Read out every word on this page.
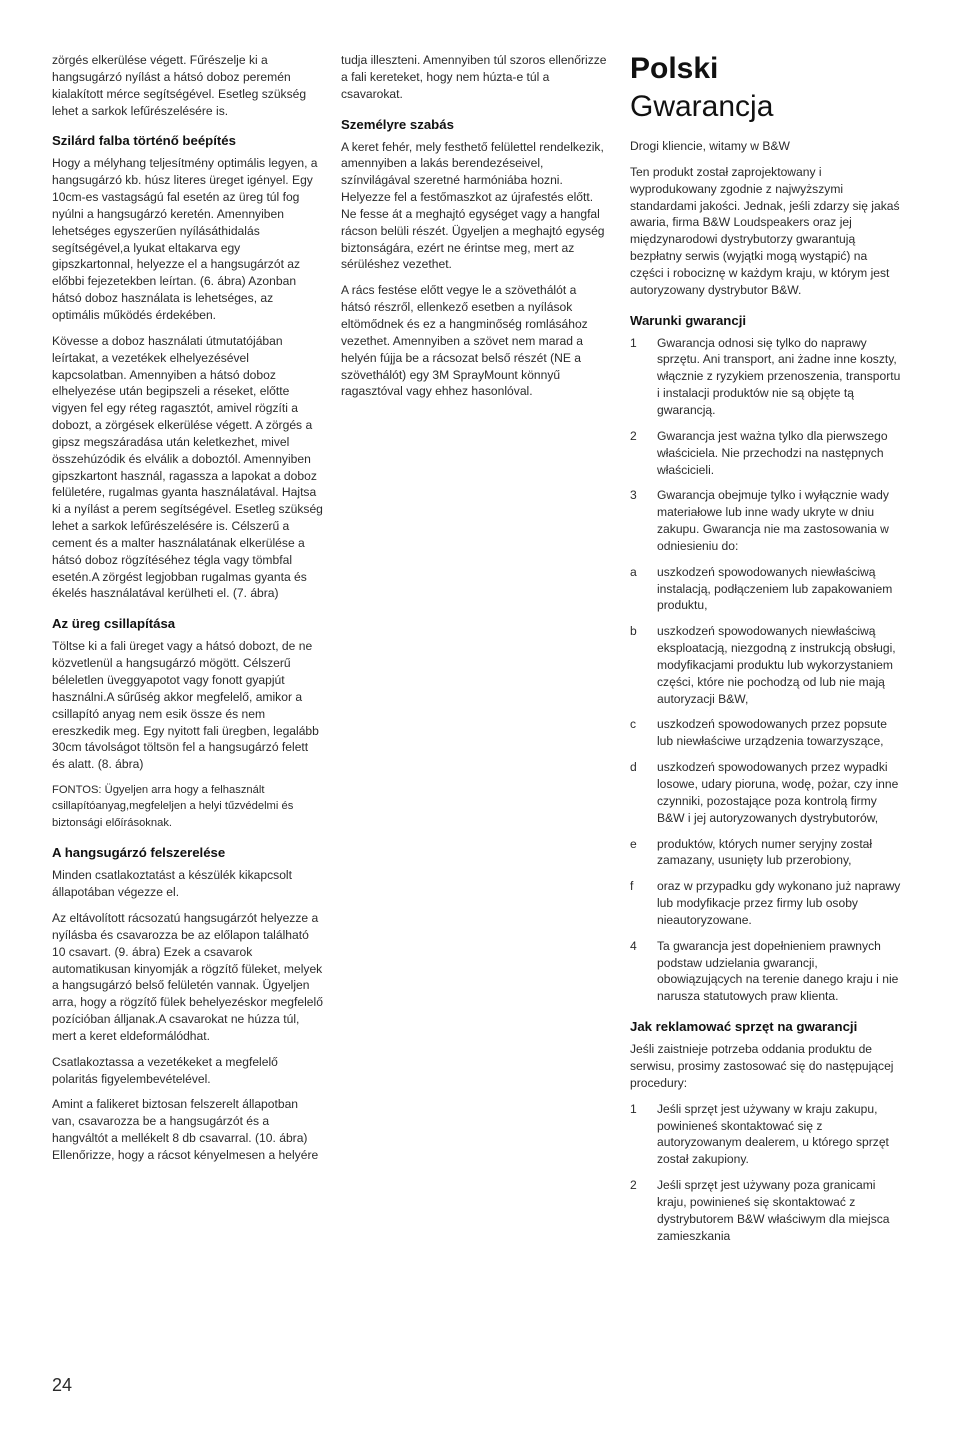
zörgés elkerülése végett. Fűrészelje ki a hangsugárzó nyílást a hátsó doboz peremén kialakított mérce segítségével. Esetleg szükség lehet a sarkok lefűrészelésére is.

Szilárd falba történő beépítés

Hogy a mélyhang teljesítmény optimális legyen, a hangsugárzó kb. húsz literes üreget igényel. Egy 10cm-es vastagságú fal esetén az üreg túl fog nyúlni a hangsugárzó keretén. Amennyiben lehetséges egyszerűen nyílásáthidalás segítségével,a lyukat eltakarva egy gipszkartonnal, helyezze el a hangsugárzót az előbbi fejezetekben leírtan. (6. ábra) Azonban hátsó doboz használata is lehetséges, az optimális működés érdekében.

Kövesse a doboz használati útmutatójában leírtakat, a vezetékek elhelyezésével kapcsolatban. Amennyiben a hátsó doboz elhelyezése után begipszeli a réseket, előtte vigyen fel egy réteg ragasztót, amivel rögzíti a dobozt, a zörgések elkerülése végett. A zörgés a gipsz megszáradása után keletkezhet, mivel összehúzódik és elválik a doboztól. Amennyiben gipszkartont használ, ragassza a lapokat a doboz felületére, rugalmas gyanta használatával. Hajtsa ki a nyílást a perem segítségével. Esetleg szükség lehet a sarkok lefűrészelésére is. Célszerű a cement és a malter használatának elkerülése a hátsó doboz rögzítéséhez tégla vagy tömbfal esetén.A zörgést legjobban rugalmas gyanta és ékelés használatával kerülheti el. (7. ábra)

Az üreg csillapítása

Töltse ki a fali üreget vagy a hátsó dobozt, de ne közvetlenül a hangsugárzó mögött. Célszerű béleletlen üveggyapotot vagy fonott gyapjút használni.A sűrűség akkor megfelelő, amikor a csillapító anyag nem esik össze és nem ereszkedik meg. Egy nyitott fali üregben, legalább 30cm távolságot töltsön fel a hangsugárzó felett és alatt. (8. ábra)

FONTOS: Ügyeljen arra hogy a felhasznált csillapítóanyag,megfeleljen a helyi tűzvédelmi és biztonsági előírásoknak.

A hangsugárzó felszerelése

Minden csatlakoztatást a készülék kikapcsolt állapotában végezze el.

Az eltávolított rácsozatú hangsugárzót helyezze a nyílásba és csavarozza be az előlapon található 10 csavart. (9. ábra) Ezek a csavarok automatikusan kinyomják a rögzítő füleket, melyek a hangsugárzó belső felületén vannak. Ügyeljen arra, hogy a rögzítő fülek behelyezéskor megfelelő pozícióban álljanak.A csavarokat ne húzza túl, mert a keret eldeformálódhat.

Csatlakoztassa a vezetékeket a megfelelő polaritás figyelembevételével.

Amint a falikeret biztosan felszerelt állapotban van, csavarozza be a hangsugárzót és a hangváltót a mellékelt 8 db csavarral. (10. ábra) Ellenőrizze, hogy a rácsot kényelmesen a helyére

tudja illeszteni. Amennyiben túl szoros ellenőrizze a fali kereteket, hogy nem húzta-e túl a csavarokat.

Személyre szabás

A keret fehér, mely festhető felülettel rendelkezik, amennyiben a lakás berendezéseivel, színvilágával szeretné harmóniába hozni. Helyezze fel a festőmaszkot az újrafestés előtt. Ne fesse át a meghajtó egységet vagy a hangfal rácson belüli részét. Ügyeljen a meghajtó egység biztonságára, ezért ne érintse meg, mert az sérüléshez vezethet.

A rács festése előtt vegye le a szövethálót a hátsó részről, ellenkező esetben a nyílások eltömődnek és ez a hangminőség romlásához vezethet. Amennyiben a szövet nem marad a helyén fújja be a rácsozat belső részét (NE a szövethálót) egy 3M SprayMount könnyű ragasztóval vagy ehhez hasonlóval.

Polski
Gwarancja

Drogi kliencie, witamy w B&W

Ten produkt został zaprojektowany i wyprodukowany zgodnie z najwyższymi standardami jakości. Jednak, jeśli zdarzy się jakaś awaria, firma B&W Loudspeakers oraz jej międzynarodowi dystrybutorzy gwarantują bezpłatny serwis (wyjątki mogą wystąpić) na części i robociznę w każdym kraju, w którym jest autoryzowany dystrybutor B&W.

Warunki gwarancji
1	Gwarancja odnosi się tylko do naprawy sprzętu. Ani transport, ani żadne inne koszty, włącznie z ryzykiem przenoszenia, transportu i instalacji produktów nie są objęte tą gwarancją.
2	Gwarancja jest ważna tylko dla pierwszego właściciela. Nie przechodzi na następnych właścicieli.
3	Gwarancja obejmuje tylko i wyłącznie wady materiałowe lub inne wady ukryte w dniu zakupu. Gwarancja nie ma zastosowania w odniesieniu do:
a	uszkodzeń spowodowanych niewłaściwą instalacją, podłączeniem lub zapakowaniem produktu,
b	uszkodzeń spowodowanych niewłaściwą eksploatacją, niezgodną z instrukcją obsługi, modyfikacjami produktu lub wykorzystaniem części, które nie pochodzą od lub nie mają autoryzacji B&W,
c	uszkodzeń spowodowanych przez popsute lub niewłaściwe urządzenia towarzyszące,
d	uszkodzeń spowodowanych przez wypadki losowe, udary pioruna, wodę, pożar, czy inne czynniki, pozostające poza kontrolą firmy B&W i jej autoryzowanych dystrybutorów,
e	produktów, których numer seryjny został zamazany, usunięty lub przerobiony,
f	oraz w przypadku gdy wykonano już naprawy lub modyfikacje przez firmy lub osoby nieautoryzowane.
4	Ta gwarancja jest dopełnieniem prawnych podstaw udzielania gwarancji, obowiązujących na terenie danego kraju i nie narusza statutowych praw klienta.
Jak reklamować sprzęt na gwarancji

Jeśli zaistnieje potrzeba oddania produktu de serwisu, prosimy zastosować się do następującej procedury:

1	Jeśli sprzęt jest używany w kraju zakupu, powinieneś skontaktować się z autoryzowanym dealerem, u którego sprzęt został zakupiony.
2	Jeśli sprzęt jest używany poza granicami kraju, powinieneś się skontaktować z dystrybutorem B&W właściwym dla miejsca zamieszkania
24
